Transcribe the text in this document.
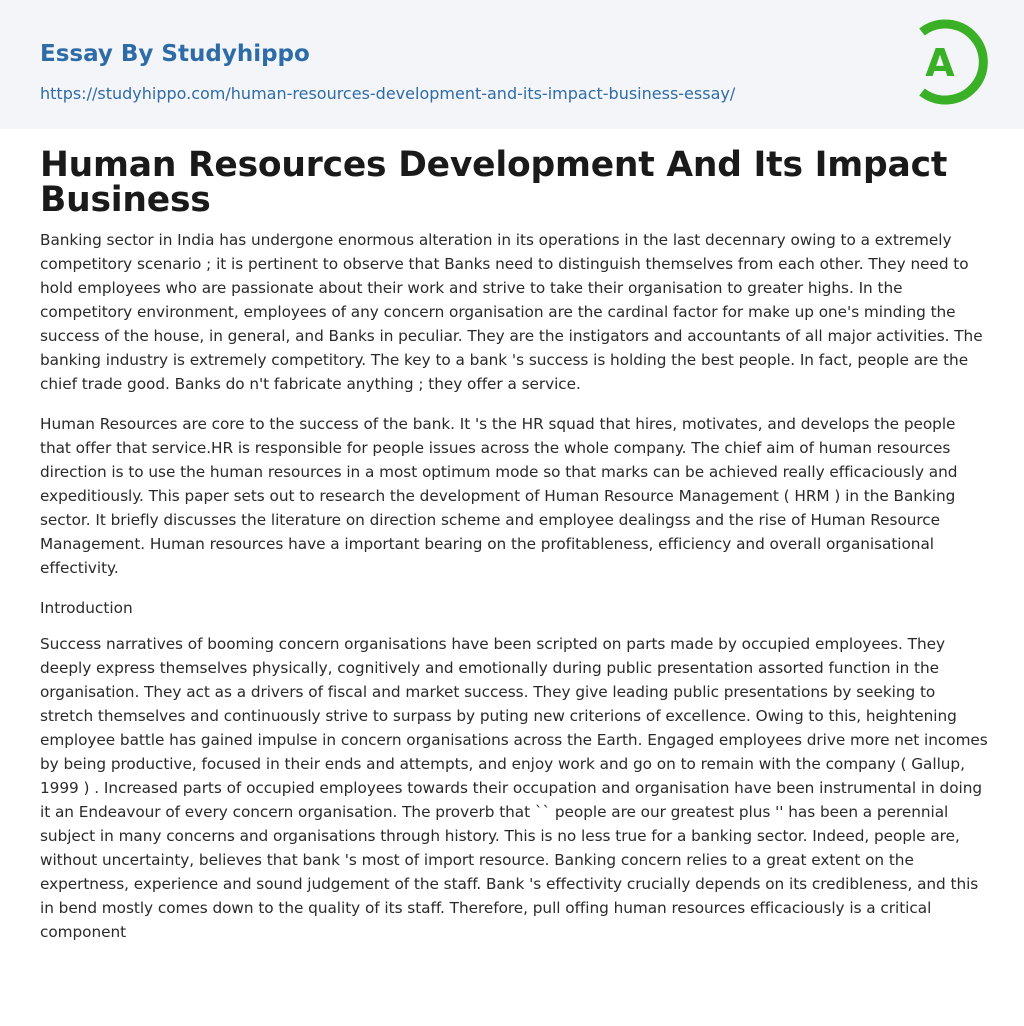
Essay By Studyhippo
https://studyhippo.com/human-resources-development-and-its-impact-business-essay/
A
Human Resources Development And Its Impact Business

Banking sector in India has undergone enormous alteration in its operations in the last decennary owing to a extremely competitory scenario ; it is pertinent to observe that Banks need to distinguish themselves from each other. They need to hold employees who are passionate about their work and strive to take their organisation to greater highs. In the competitory environment, employees of any concern organisation are the cardinal factor for make up one's minding the success of the house, in general, and Banks in peculiar. They are the instigators and accountants of all major activities. The banking industry is extremely competitory. The key to a bank 's success is holding the best people. In fact, people are the chief trade good. Banks do n't fabricate anything ; they offer a service.

Human Resources are core to the success of the bank. It 's the HR squad that hires, motivates, and develops the people that offer that service.HR is responsible for people issues across the whole company. The chief aim of human resources direction is to use the human resources in a most optimum mode so that marks can be achieved really efficaciously and expeditiously. This paper sets out to research the development of Human Resource Management ( HRM ) in the Banking sector. It briefly discusses the literature on direction scheme and employee dealingss and the rise of Human Resource Management. Human resources have a important bearing on the profitableness, efficiency and overall organisational effectivity.

Introduction

Success narratives of booming concern organisations have been scripted on parts made by occupied employees. They deeply express themselves physically, cognitively and emotionally during public presentation assorted function in the organisation. They act as a drivers of fiscal and market success. They give leading public presentations by seeking to stretch themselves and continuously strive to surpass by puting new criterions of excellence. Owing to this, heightening employee battle has gained impulse in concern organisations across the Earth. Engaged employees drive more net incomes by being productive, focused in their ends and attempts, and enjoy work and go on to remain with the company ( Gallup, 1999 ) . Increased parts of occupied employees towards their occupation and organisation have been instrumental in doing it an Endeavour of every concern organisation. The proverb that `` people are our greatest plus '' has been a perennial subject in many concerns and organisations through history. This is no less true for a banking sector. Indeed, people are, without uncertainty, believes that bank 's most of import resource. Banking concern relies to a great extent on the expertness, experience and sound judgement of the staff. Bank 's effectivity crucially depends on its credibleness, and this in bend mostly comes down to the quality of its staff. Therefore, pull offing human resources efficaciously is a critical component
